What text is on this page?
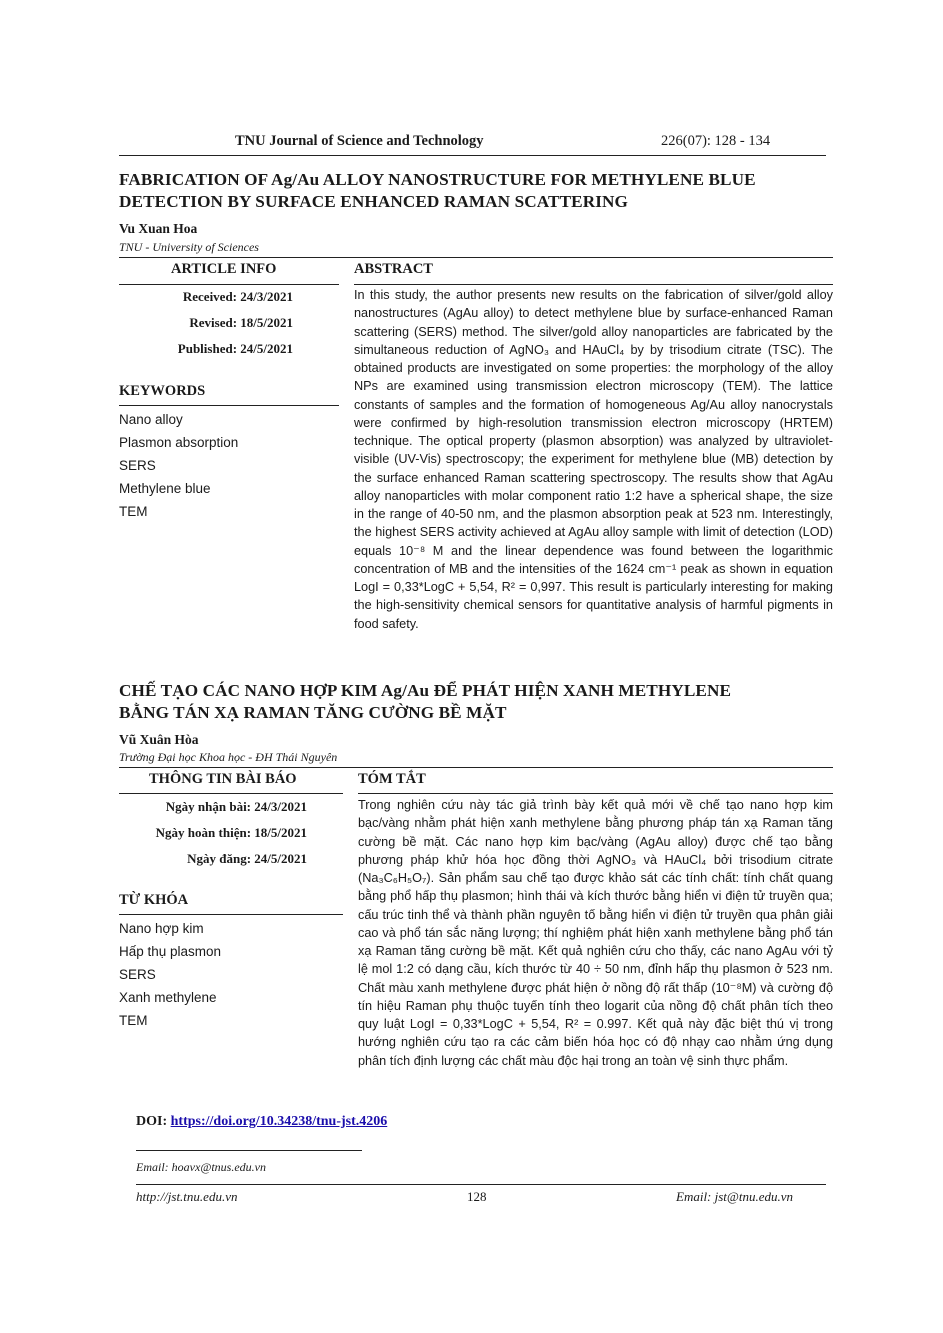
TNU Journal of Science and Technology	226(07): 128 - 134
FABRICATION OF Ag/Au ALLOY NANOSTRUCTURE FOR METHYLENE BLUE
DETECTION BY SURFACE ENHANCED RAMAN SCATTERING
Vu Xuan Hoa
TNU - University of Sciences
ARTICLE INFO	ABSTRACT
Received: 24/3/2021
Revised: 18/5/2021
Published: 24/5/2021
KEYWORDS
Nano alloy
Plasmon absorption
SERS
Methylene blue
TEM
In this study, the author presents new results on the fabrication of silver/gold alloy nanostructures (AgAu alloy) to detect methylene blue by surface-enhanced Raman scattering (SERS) method. The silver/gold alloy nanoparticles are fabricated by the simultaneous reduction of AgNO₃ and HAuCl₄ by by trisodium citrate (TSC). The obtained products are investigated on some properties: the morphology of the alloy NPs are examined using transmission electron microscopy (TEM). The lattice constants of samples and the formation of homogeneous Ag/Au alloy nanocrystals were confirmed by high-resolution transmission electron microscopy (HRTEM) technique. The optical property (plasmon absorption) was analyzed by ultraviolet-visible (UV-Vis) spectroscopy; the experiment for methylene blue (MB) detection by the surface enhanced Raman scattering spectroscopy. The results show that AgAu alloy nanoparticles with molar component ratio 1:2 have a spherical shape, the size in the range of 40-50 nm, and the plasmon absorption peak at 523 nm. Interestingly, the highest SERS activity achieved at AgAu alloy sample with limit of detection (LOD) equals 10⁻⁸ M and the linear dependence was found between the logarithmic concentration of MB and the intensities of the 1624 cm⁻¹ peak as shown in equation LogI = 0,33*LogC + 5,54, R² = 0,997. This result is particularly interesting for making the high-sensitivity chemical sensors for quantitative analysis of harmful pigments in food safety.
CHẾ TẠO CÁC NANO HỢP KIM Ag/Au ĐỂ PHÁT HIỆN XANH METHYLENE
BẰNG TÁN XẠ RAMAN TĂNG CƯỜNG BỀ MẶT
Vũ Xuân Hòa
Trường Đại học Khoa học - ĐH Thái Nguyên
THÔNG TIN BÀI BÁO	TÓM TẮT
Ngày nhận bài: 24/3/2021
Ngày hoàn thiện: 18/5/2021
Ngày đăng: 24/5/2021
TỪ KHÓA
Nano hợp kim
Hấp thụ plasmon
SERS
Xanh methylene
TEM
Trong nghiên cứu này tác giả trình bày kết quả mới về chế tạo nano hợp kim bạc/vàng nhằm phát hiện xanh methylene bằng phương pháp tán xạ Raman tăng cường bề mặt. Các nano hợp kim bạc/vàng (AgAu alloy) được chế tạo bằng phương pháp khử hóa học đồng thời AgNO₃ và HAuCl₄ bởi trisodium citrate (Na₃C₆H₅O₇). Sản phẩm sau chế tạo được khảo sát các tính chất: tính chất quang bằng phổ hấp thụ plasmon; hình thái và kích thước bằng hiển vi điện tử truyền qua; cấu trúc tinh thể và thành phần nguyên tố bằng hiển vi điện tử truyền qua phân giải cao và phổ tán sắc năng lượng; thí nghiệm phát hiện xanh methylene bằng phổ tán xạ Raman tăng cường bề mặt. Kết quả nghiên cứu cho thấy, các nano AgAu với tỷ lệ mol 1:2 có dạng cầu, kích thước từ 40 ÷ 50 nm, đỉnh hấp thụ plasmon ở 523 nm. Chất màu xanh methylene được phát hiện ở nồng độ rất thấp (10⁻⁸M) và cường độ tín hiệu Raman phụ thuộc tuyến tính theo logarit của nồng độ chất phân tích theo quy luật LogI = 0,33*LogC + 5,54, R² = 0.997. Kết quả này đặc biệt thú vị trong hướng nghiên cứu tạo ra các cảm biến hóa học có độ nhạy cao nhằm ứng dụng phân tích định lượng các chất màu độc hại trong an toàn vệ sinh thực phẩm.
DOI: https://doi.org/10.34238/tnu-jst.4206
Email: hoavx@tnus.edu.vn
http://jst.tnu.edu.vn	128	Email: jst@tnu.edu.vn
